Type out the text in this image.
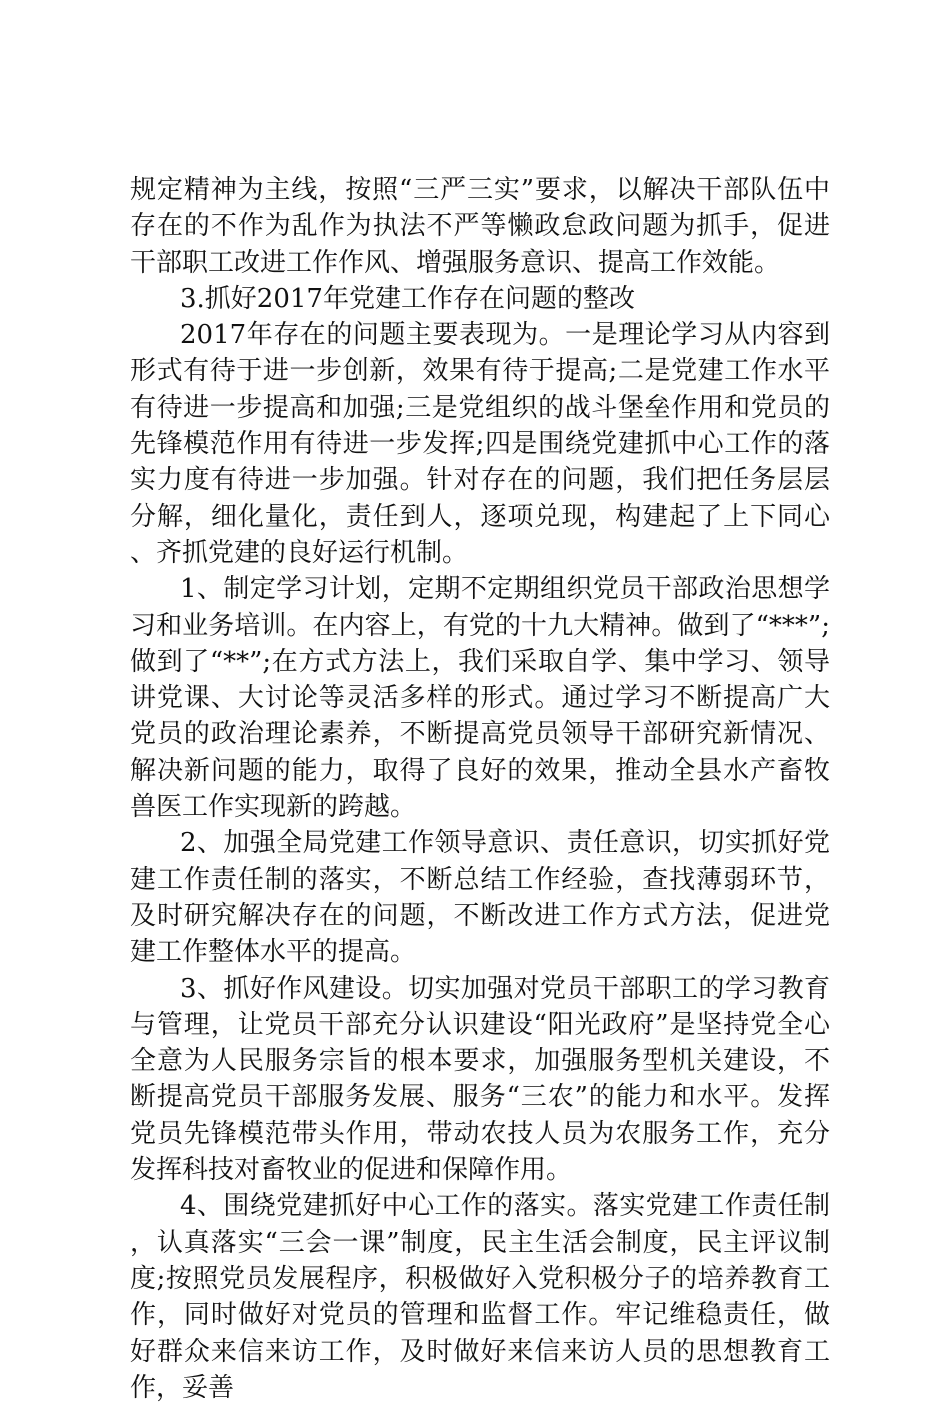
规定精神为主线，按照“三严三实”要求，以解决干部队伍中存在的不作为乱作为执法不严等懒政怠政问题为抓手，促进干部职工改进工作作风、增强服务意识、提高工作效能。

3.抓好2017年党建工作存在问题的整改

2017年存在的问题主要表现为。一是理论学习从内容到形式有待于进一步创新，效果有待于提高;二是党建工作水平有待进一步提高和加强;三是党组织的战斗堡垒作用和党员的先锋模范作用有待进一步发挥;四是围绕党建抓中心工作的落实力度有待进一步加强。针对存在的问题，我们把任务层层分解，细化量化，责任到人，逐项兑现，构建起了上下同心、齐抓党建的良好运行机制。

1、制定学习计划，定期不定期组织党员干部政治思想学习和业务培训。在内容上，有党的十九大精神。做到了“***”;做到了“**”;在方式方法上，我们采取自学、集中学习、领导讲党课、大讨论等灵活多样的形式。通过学习不断提高广大党员的政治理论素养，不断提高党员领导干部研究新情况、解决新问题的能力，取得了良好的效果，推动全县水产畜牧兽医工作实现新的跨越。

2、加强全局党建工作领导意识、责任意识，切实抓好党建工作责任制的落实，不断总结工作经验，查找薄弱环节，及时研究解决存在的问题，不断改进工作方式方法，促进党建工作整体水平的提高。

3、抓好作风建设。切实加强对党员干部职工的学习教育与管理，让党员干部充分认识建设“阳光政府”是坚持党全心全意为人民服务宗旨的根本要求，加强服务型机关建设，不断提高党员干部服务发展、服务“三农”的能力和水平。发挥党员先锋模范带头作用，带动农技人员为农服务工作，充分发挥科技对畜牧业的促进和保障作用。

4、围绕党建抓好中心工作的落实。落实党建工作责任制，认真落实“三会一课”制度，民主生活会制度，民主评议制度;按照党员发展程序，积极做好入党积极分子的培养教育工作，同时做好对党员的管理和监督工作。牢记维稳责任，做好群众来信来访工作，及时做好来信来访人员的思想教育工作，妥善
